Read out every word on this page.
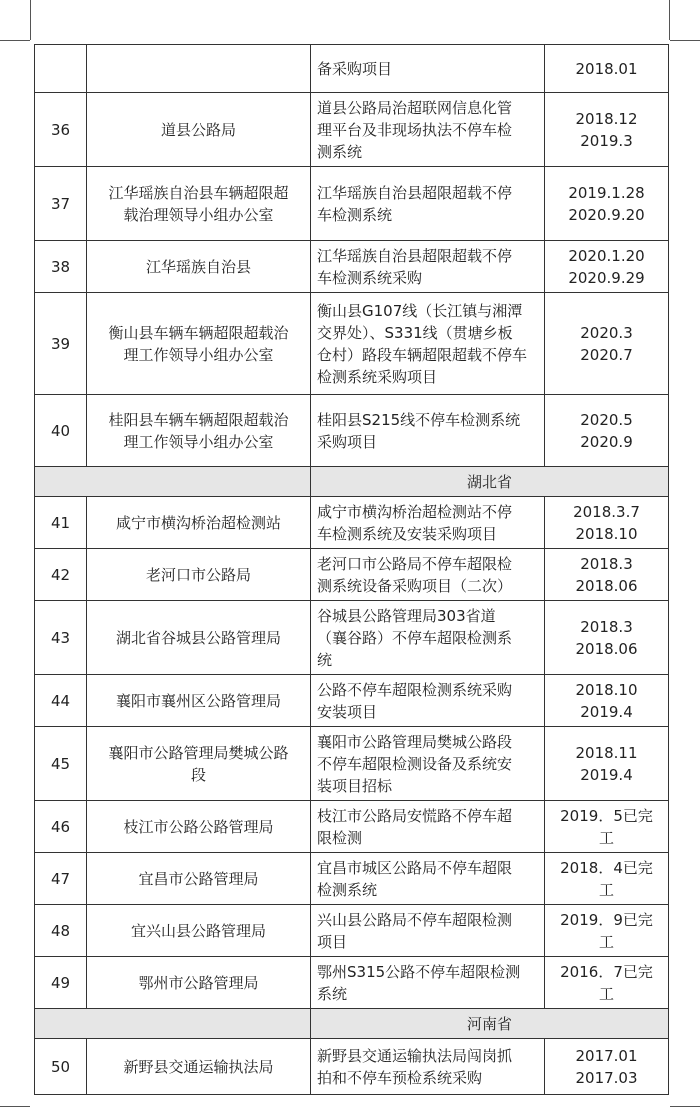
		备采购项目	2018.01

36	道县公路局	道县公路局治超联网信息化管
理平台及非现场执法不停车检
测系统	2018.12
2019.3

37	江华瑶族自治县车辆超限超
载治理领导小组办公室	江华瑶族自治县超限超载不停
车检测系统	2019.1.28
2020.9.20

38	江华瑶族自治县	江华瑶族自治县超限超载不停
车检测系统采购	2020.1.20
2020.9.29

39	衡山县车辆车辆超限超载治
理工作领导小组办公室	衡山县G107线（长江镇与湘潭
交界处）、S331线（贯塘乡板
仓村）路段车辆超限超载不停车
检测系统采购项目	2020.3
2020.7

40	桂阳县车辆车辆超限超载治
理工作领导小组办公室	桂阳县S215线不停车检测系统
采购项目	2020.5
2020.9

		湖北省	
41	咸宁市横沟桥治超检测站	咸宁市横沟桥治超检测站不停
车检测系统及安装采购项目	2018.3.7
2018.10

42	老河口市公路局	老河口市公路局不停车超限检
测系统设备采购项目（二次）	2018.3
2018.06

43	湖北省谷城县公路管理局	谷城县公路管理局303省道
（襄谷路）不停车超限检测系
统	2018.3
2018.06

44	襄阳市襄州区公路管理局	公路不停车超限检测系统采购
安装项目	2018.10
2019.4

45	襄阳市公路管理局樊城公路
段	襄阳市公路管理局樊城公路段
不停车超限检测设备及系统安
装项目招标	2018.11
2019.4

46	枝江市公路公路管理局	枝江市公路局安慌路不停车超
限检测	2019．5已完
工

47	宜昌市公路管理局	宜昌市城区公路局不停车超限
检测系统	2018．4已完
工

48	宜兴山县公路管理局	兴山县公路局不停车超限检测
项目	2019．9已完
工

49	鄂州市公路管理局	鄂州S315公路不停车超限检测
系统	2016．7已完
工

		河南省	
50	新野县交通运输执法局	新野县交通运输执法局闯岗抓
拍和不停车预检系统采购	2017.01
2017.03
